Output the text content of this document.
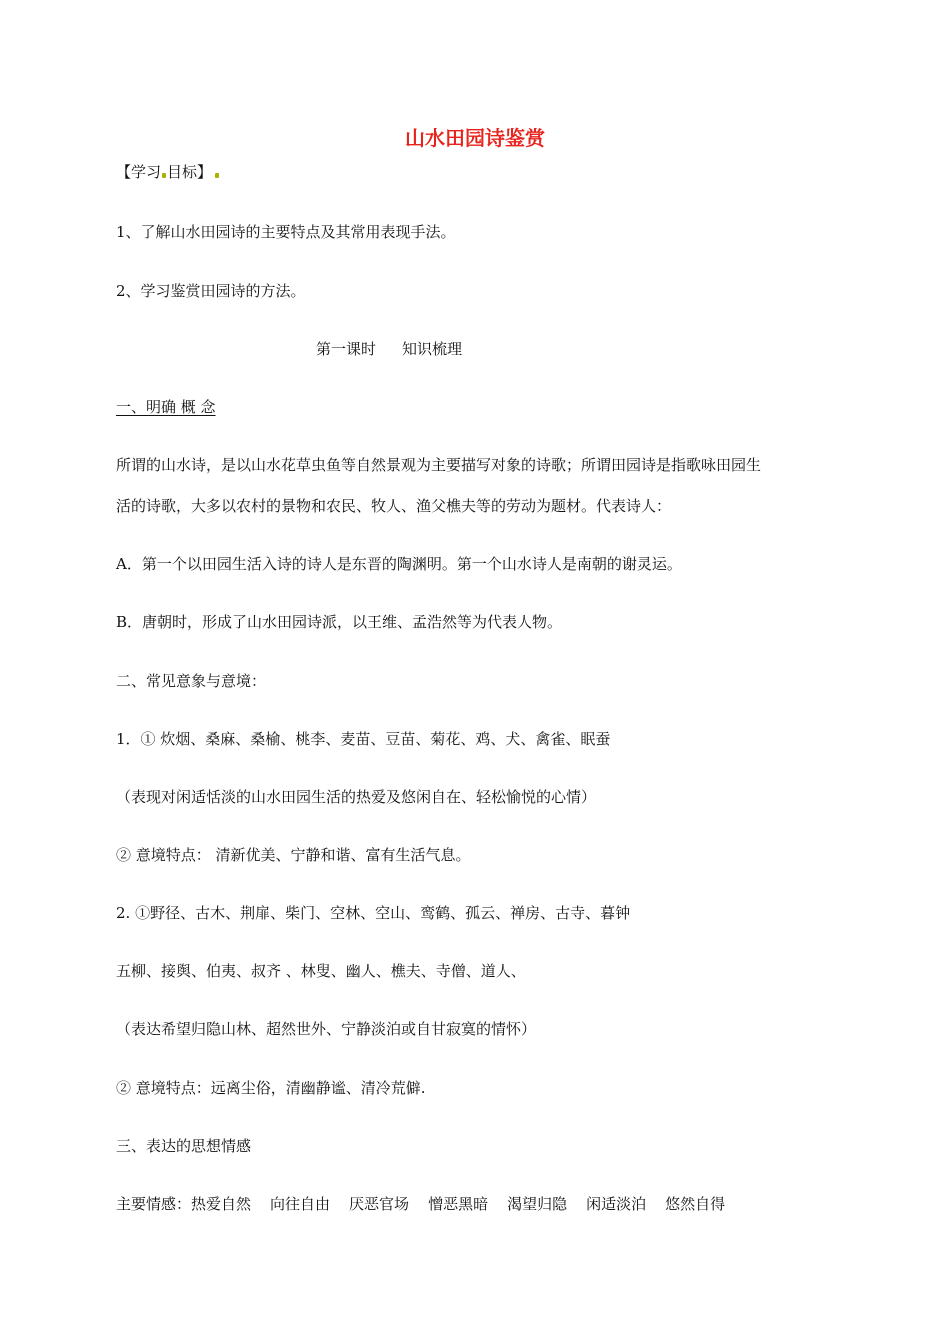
山水田园诗鉴赏
【学习 目标】
1、了解山水田园诗的主要特点及其常用表现手法。
2、学习鉴赏田园诗的方法。
第一课时 知识梳理
一、明确 概 念
所谓的山水诗，是以山水花草虫鱼等自然景观为主要描写对象的诗歌；所谓田园诗是指歌咏田园生
活的诗歌，大多以农村的景物和农民、牧人、渔父樵夫等的劳动为题材。代表诗人：
A．第一个以田园生活入诗的诗人是东晋的陶渊明。第一个山水诗人是南朝的谢灵运。
B．唐朝时，形成了山水田园诗派，以王维、孟浩然等为代表人物。
二、常见意象与意境：
1．① 炊烟、桑麻、桑榆、桃李、麦苗、豆苗、菊花、鸡、犬、禽雀、眠蚕
（表现对闲适恬淡的山水田园生活的热爱及悠闲自在、轻松愉悦的心情）
② 意境特点： 清新优美、宁静和谐、富有生活气息。
2. ①野径、古木、荆扉、柴门、空林、空山、鸾鹤、孤云、禅房、古寺、暮钟
五柳、接舆、伯夷、叔齐 、林叟、幽人、樵夫、寺僧、道人、
（表达希望归隐山林、超然世外、宁静淡泊或自甘寂寞的情怀）
② 意境特点：远离尘俗，清幽静谧、清冷荒僻.
三、表达的思想情感
主要情感：热爱自然 向往自由 厌恶官场 憎恶黑暗 渴望归隐 闲适淡泊 悠然自得
